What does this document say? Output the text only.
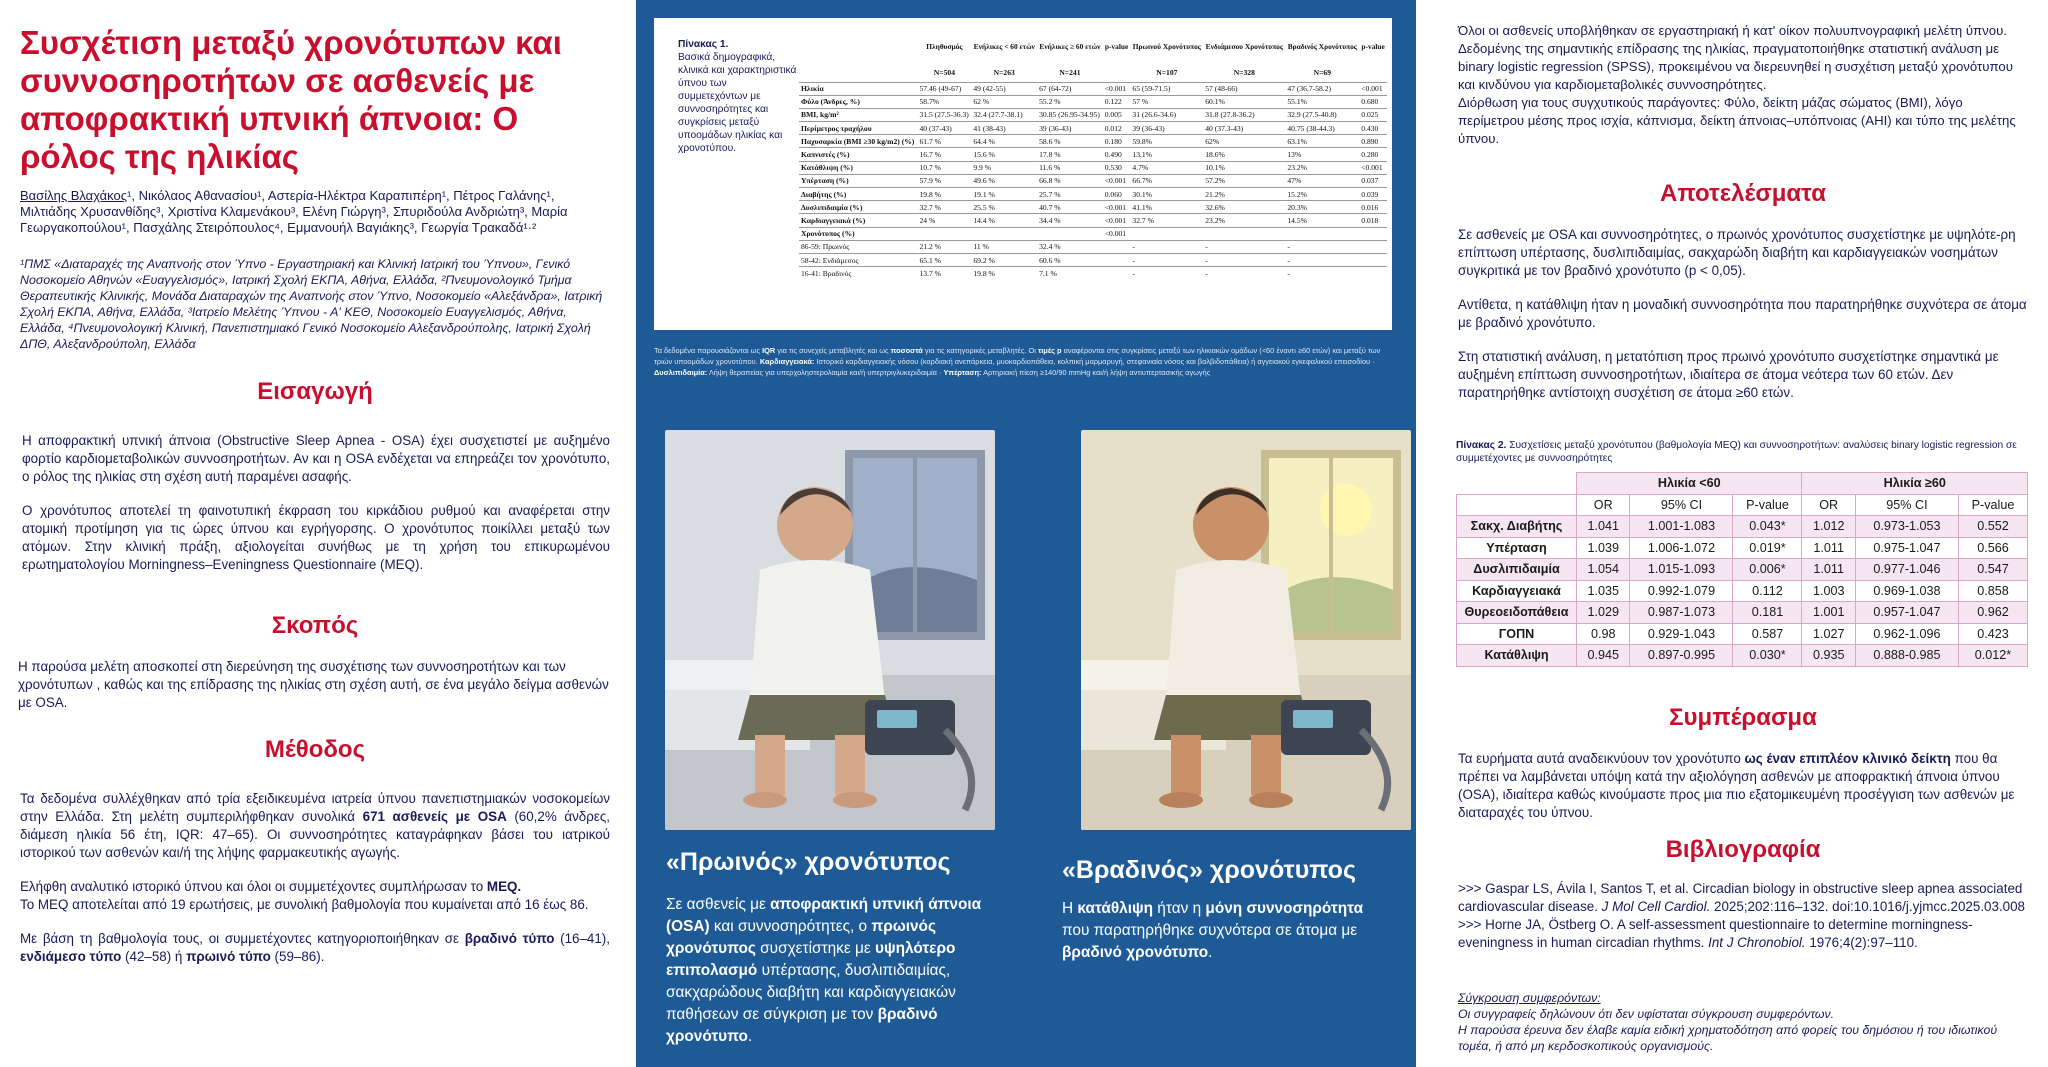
Συσχέτιση μεταξύ χρονότυπων και συννοσηροτήτων σε ασθενείς με αποφρακτική υπνική άπνοια: Ο ρόλος της ηλικίας
Βασίλης Βλαχάκος¹, Νικόλαος Αθανασίου¹, Αστερία-Ηλέκτρα Καραπιπέρη¹, Πέτρος Γαλάνης¹, Μιλτιάδης Χρυσανθίδης³, Χριστίνα Κλαμενάκου³, Ελένη Γιώργη³, Σπυριδούλα Ανδριώτη³, Μαρία Γεωργακοπούλου¹, Πασχάλης Στειρόπουλος⁴, Εμμανουήλ Βαγιάκης³, Γεωργία Τρακαδά¹·²
¹ΠΜΣ «Διαταραχές της Αναπνοής στον Ύπνο - Εργαστηριακή και Κλινική Ιατρική του Ύπνου», Γενικό Νοσοκομείο Αθηνών «Ευαγγελισμός», Ιατρική Σχολή ΕΚΠΑ, Αθήνα, Ελλάδα, ²Πνευμονολογικό Τμήμα Θεραπευτικής Κλινικής, Μονάδα Διαταραχών της Αναπνοής στον Ύπνο, Νοσοκομείο «Αλεξάνδρα», Ιατρική Σχολή ΕΚΠΑ, Αθήνα, Ελλάδα, ³Ιατρείο Μελέτης Ύπνου - Α' ΚΕΘ, Νοσοκομείο Ευαγγελισμός, Αθήνα, Ελλάδα, ⁴Πνευμονολογική Κλινική, Πανεπιστημιακό Γενικό Νοσοκομείο Αλεξανδρούπολης, Ιατρική Σχολή ΔΠΘ, Αλεξανδρούπολη, Ελλάδα
Εισαγωγή

Η αποφρακτική υπνική άπνοια (Obstructive Sleep Apnea - OSA) έχει συσχετιστεί με αυξημένο φορτίο καρδιομεταβολικών συννοσηροτήτων. Αν και η OSA ενδέχεται να επηρεάζει τον χρονότυπο, ο ρόλος της ηλικίας στη σχέση αυτή παραμένει ασαφής.

Ο χρονότυπος αποτελεί τη φαινοτυπική έκφραση του κιρκάδιου ρυθμού και αναφέρεται στην ατομική προτίμηση για τις ώρες ύπνου και εγρήγορσης. Ο χρονότυπος ποικίλλει μεταξύ των ατόμων. Στην κλινική πράξη, αξιολογείται συνήθως με τη χρήση του επικυρωμένου ερωτηματολογίου Morningness–Eveningness Questionnaire (MEQ).

Σκοπός

Η παρούσα μελέτη αποσκοπεί στη διερεύνηση της συσχέτισης των συννοσηροτήτων και των χρονότυπων , καθώς και της επίδρασης της ηλικίας στη σχέση αυτή, σε ένα μεγάλο δείγμα ασθενών με OSA.

Μέθοδος

Τα δεδομένα συλλέχθηκαν από τρία εξειδικευμένα ιατρεία ύπνου πανεπιστημιακών νοσοκομείων στην Ελλάδα. Στη μελέτη συμπεριλήφθηκαν συνολικά 671 ασθενείς με OSA (60,2% άνδρες, διάμεση ηλικία 56 έτη, IQR: 47–65). Οι συννοσηρότητες καταγράφηκαν βάσει του ιατρικού ιστορικού των ασθενών και/ή της λήψης φαρμακευτικής αγωγής.

Ελήφθη αναλυτικό ιστορικό ύπνου και όλοι οι συμμετέχοντες συμπλήρωσαν το MEQ.
Το MEQ αποτελείται από 19 ερωτήσεις, με συνολική βαθμολογία που κυμαίνεται από 16 έως 86.

Με βάση τη βαθμολογία τους, οι συμμετέχοντες κατηγοριοποιήθηκαν σε βραδινό τύπο (16–41), ενδιάμεσο τύπο (42–58) ή πρωινό τύπο (59–86).

Πίνακας 1.
Βασικά δημογραφικά, κλινικά και χαρακτηριστικά ύπνου των συμμετεχόντων με συννοσηρότητες και συγκρίσεις μεταξύ υποομάδων ηλικίας και χρονοτύπου.
	Πληθυσμός	Ενήλικες < 60 ετών	Ενήλικες ≥ 60 ετών	p-value	Πρωινού Χρονότυπος	Ενδιάμεσου Χρονότυπος	Βραδινός Χρονότυπος	p-value
	N=504	N=263	N=241		N=107	N=328	N=69	
Ηλικία	57.46 (49-67)	49 (42-55)	67 (64-72)	<0.001	65 (59-71.5)	57 (48-66)	47 (36.7-58.2)	<0.001
Φύλο (Άνδρες, %)	58.7%	62 %	55.2 %	0.122	57 %	60.1%	55.1%	0.680
BMI, kg/m²	31.5 (27.5-36.3)	32.4 (27.7-38.1)	30.85 (26.95-34.95)	0.005	31 (26.6-34.6)	31.8 (27.8-36.2)	32.9 (27.5-40.8)	0.025
Περίμετρος τραχήλου	40 (37-43)	41 (38-43)	39 (36-43)	0.012	39 (36-43)	40 (37.3-43)	40.75 (38-44.3)	0.430
Παχυσαρκία (BMI ≥30 kg/m2) (%)	61.7 %	64.4 %	58.6 %	0.180	59.8%	62%	63.1%	0.890
Καπνιστές (%)	16.7 %	15.6 %	17.8 %	0.490	13.1%	18.6%	13%	0.280
Κατάθλιψη (%)	10.7 %	9.9 %	11.6 %	0.530	4.7%	10.1%	23.2%	<0.001
Υπέρταση (%)	57.9 %	49.6 %	66.8 %	<0.001	66.7%	57.2%	47%	0.037
Διαβήτης (%)	19.8 %	19.1 %	25.7 %	0.060	30.1%	21.2%	15.2%	0.039
Δυσλιπιδαιμία (%)	32.7 %	25.5 %	40.7 %	<0.001	41.1%	32.6%	20.3%	0.016
Καρδιαγγειακά (%)	24 %	14.4 %	34.4 %	<0.001	32.7 %	23.2%	14.5%	0.018
Χρονότυπος (%)				<0.001				
86-59: Πρωινός	21.2 %	11 %	32.4 %		-	-	-	
58-42: Ενδιάμεσος	65.1 %	69.2 %	60.6 %		-	-	-	
16-41: Βραδινός	13.7 %	19.8 %	7.1 %		-	-	-	
Τα δεδομένα παρουσιάζονται ως IQR για τις συνεχείς μεταβλητές και ως ποσοστά για τις κατηγορικές μεταβλητές. Οι τιμές p αναφέρονται στις συγκρίσεις μεταξύ των ηλικιακών ομάδων (<60 έναντι ≥60 ετών) και μεταξύ των τριών υποομάδων χρονοτύπου. Καρδιαγγειακά: Ιστορικό καρδιαγγειακής νόσου (καρδιακή ανεπάρκεια, μυοκαρδιοπάθεια, κολπική μαρμαρυγή, στεφανιαία νόσος και βαλβιδοπάθεια) ή αγγειακού εγκεφαλικού επεισοδίου · Δυσλιπιδαιμία: Λήψη θεραπείας για υπερχοληστερολαιμία και/ή υπερτριγλυκεριδαιμία · Υπέρταση: Αρτηριακή πίεση ≥140/90 mmHg και/ή λήψη αντιυπερτασικής αγωγής
«Πρωινός» χρονότυπος
Σε ασθενείς με αποφρακτική υπνική άπνοια (OSA) και συννοσηρότητες, ο πρωινός χρονότυπος συσχετίστηκε με υψηλότερο επιπολασμό υπέρτασης, δυσλιπιδαιμίας, σακχαρώδους διαβήτη και καρδιαγγειακών παθήσεων σε σύγκριση με τον βραδινό χρονότυπο.
«Βραδινός» χρονότυπος
Η κατάθλιψη ήταν η μόνη συννοσηρότητα που παρατηρήθηκε συχνότερα σε άτομα με βραδινό χρονότυπο.

Όλοι οι ασθενείς υποβλήθηκαν σε εργαστηριακή ή κατ' οίκον πολυυπνογραφική μελέτη ύπνου. Δεδομένης της σημαντικής επίδρασης της ηλικίας, πραγματοποιήθηκε στατιστική ανάλυση με binary logistic regression (SPSS), προκειμένου να διερευνηθεί η συσχέτιση μεταξύ χρονότυπου και κινδύνου για καρδιομεταβολικές συννοσηρότητες.

Διόρθωση για τους συγχυτικούς παράγοντες: Φύλο, δείκτη μάζας σώματος (BMI), λόγο περίμετρου μέσης προς ισχία, κάπνισμα, δείκτη άπνοιας–υπόπνοιας (AHI) και τύπο της μελέτης ύπνου.

Αποτελέσματα

Σε ασθενείς με OSA και συννοσηρότητες, ο πρωινός χρονότυπος συσχετίστηκε με υψηλότε-ρη επίπτωση υπέρτασης, δυσλιπιδαιμίας, σακχαρώδη διαβήτη και καρδιαγγειακών νοσημάτων συγκριτικά με τον βραδινό χρονότυπο (p < 0,05).

Αντίθετα, η κατάθλιψη ήταν η μοναδική συννοσηρότητα που παρατηρήθηκε συχνότερα σε άτομα με βραδινό χρονότυπο.

Στη στατιστική ανάλυση, η μετατόπιση προς πρωινό χρονότυπο συσχετίστηκε σημαντικά με αυξημένη επίπτωση συννοσηροτήτων, ιδιαίτερα σε άτομα νεότερα των 60 ετών. Δεν παρατηρήθηκε αντίστοιχη συσχέτιση σε άτομα ≥60 ετών.

Πίνακας 2. Συσχετίσεις μεταξύ χρονότυπου (βαθμολογία MEQ) και συννοσηροτήτων: αναλύσεις binary logistic regression σε συμμετέχοντες με συννοσηρότητες
	Ηλικία <60			Ηλικία ≥60		
	OR	95% CI	P-value	OR	95% CI	P-value
Σακχ. Διαβήτης	1.041	1.001-1.083	0.043*	1.012	0.973-1.053	0.552
Υπέρταση	1.039	1.006-1.072	0.019*	1.011	0.975-1.047	0.566
Δυσλιπιδαιμία	1.054	1.015-1.093	0.006*	1.011	0.977-1.046	0.547
Καρδιαγγειακά	1.035	0.992-1.079	0.112	1.003	0.969-1.038	0.858
Θυρεοειδοπάθεια	1.029	0.987-1.073	0.181	1.001	0.957-1.047	0.962
ΓΟΠΝ	0.98	0.929-1.043	0.587	1.027	0.962-1.096	0.423
Κατάθλιψη	0.945	0.897-0.995	0.030*	0.935	0.888-0.985	0.012*
Συμπέρασμα

Τα ευρήματα αυτά αναδεικνύουν τον χρονότυπο ως έναν επιπλέον κλινικό δείκτη που θα πρέπει να λαμβάνεται υπόψη κατά την αξιολόγηση ασθενών με αποφρακτική άπνοια ύπνου (OSA), ιδιαίτερα καθώς κινούμαστε προς μια πιο εξατομικευμένη προσέγγιση των ασθενών με διαταραχές του ύπνου.

Βιβλιογραφία
>>> Gaspar LS, Ávila I, Santos T, et al. Circadian biology in obstructive sleep apnea associated cardiovascular disease. J Mol Cell Cardiol. 2025;202:116–132. doi:10.1016/j.yjmcc.2025.03.008 >>> Horne JA, Östberg O. A self-assessment questionnaire to determine morningness-eveningness in human circadian rhythms. Int J Chronobiol. 1976;4(2):97–110.
Σύγκρουση συμφερόντων:
Οι συγγραφείς δηλώνουν ότι δεν υφίσταται σύγκρουση συμφερόντων.
Η παρούσα έρευνα δεν έλαβε καμία ειδική χρηματοδότηση από φορείς του δημόσιου ή του ιδιωτικού τομέα, ή από μη κερδοσκοπικούς οργανισμούς.
